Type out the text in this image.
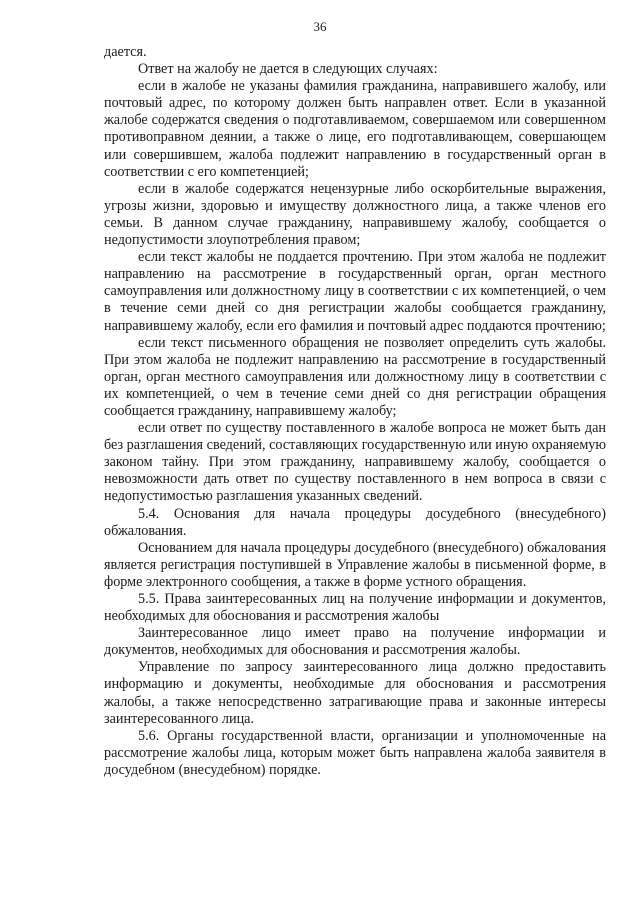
36

дается.

Ответ на жалобу не дается в следующих случаях:

если в жалобе не указаны фамилия гражданина, направившего жалобу, или почтовый адрес, по которому должен быть направлен ответ. Если в указанной жалобе содержатся сведения о подготавливаемом, совершаемом или совершенном противоправном деянии, а также о лице, его подготавливающем, совершающем или совершившем, жалоба подлежит направлению в государственный орган в соответствии с его компетенцией;

если в жалобе содержатся нецензурные либо оскорбительные выражения, угрозы жизни, здоровью и имуществу должностного лица, а также членов его семьи. В данном случае гражданину, направившему жалобу, сообщается о недопустимости злоупотребления правом;

если текст жалобы не поддается прочтению. При этом жалоба не подлежит направлению на рассмотрение в государственный орган, орган местного самоуправления или должностному лицу в соответствии с их компетенцией, о чем в течение семи дней со дня регистрации жалобы сообщается гражданину, направившему жалобу, если его фамилия и почтовый адрес поддаются прочтению;

если текст письменного обращения не позволяет определить суть жалобы. При этом жалоба не подлежит направлению на рассмотрение в государственный орган, орган местного самоуправления или должностному лицу в соответствии с их компетенцией, о чем в течение семи дней со дня регистрации обращения сообщается гражданину, направившему жалобу;

если ответ по существу поставленного в жалобе вопроса не может быть дан без разглашения сведений, составляющих государственную или иную охраняемую законом тайну. При этом гражданину, направившему жалобу, сообщается о невозможности дать ответ по существу поставленного в нем вопроса в связи с недопустимостью разглашения указанных сведений.

5.4. Основания для начала процедуры досудебного (внесудебного) обжалования.

Основанием для начала процедуры досудебного (внесудебного) обжалования является регистрация поступившей в Управление жалобы в письменной форме, в форме электронного сообщения, а также в форме устного обращения.

5.5. Права заинтересованных лиц на получение информации и документов, необходимых для обоснования и рассмотрения жалобы

Заинтересованное лицо имеет право на получение информации и документов, необходимых для обоснования и рассмотрения жалобы.

Управление по запросу заинтересованного лица должно предоставить информацию и документы, необходимые для обоснования и рассмотрения жалобы, а также непосредственно затрагивающие права и законные интересы заинтересованного лица.

5.6. Органы государственной власти, организации и уполномоченные на рассмотрение жалобы лица, которым может быть направлена жалоба заявителя в досудебном (внесудебном) порядке.
